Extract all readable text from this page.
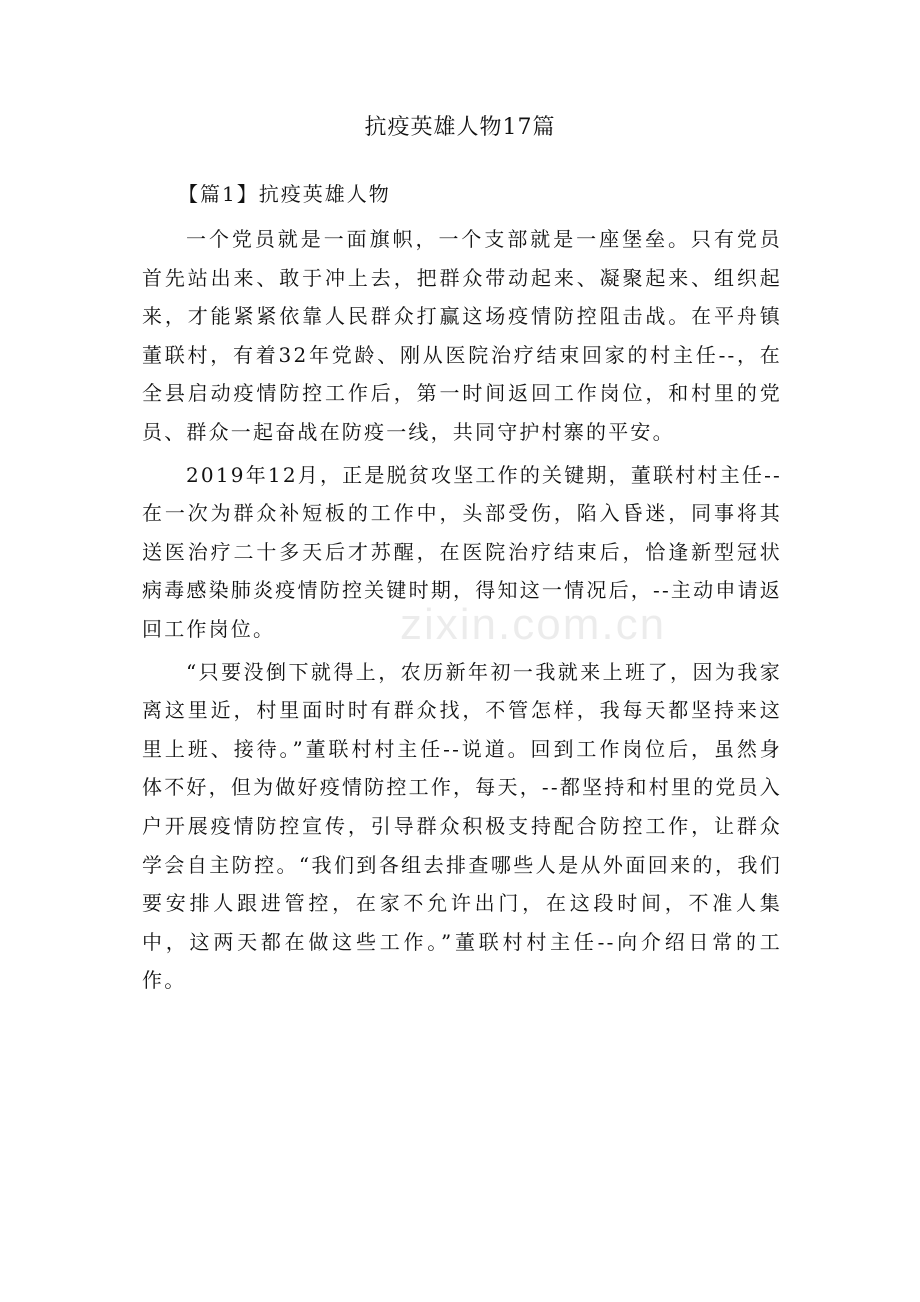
抗疫英雄人物17篇
【篇1】抗疫英雄人物

一个党员就是一面旗帜，一个支部就是一座堡垒。只有党员首先站出来、敢于冲上去，把群众带动起来、凝聚起来、组织起来，才能紧紧依靠人民群众打赢这场疫情防控阻击战。在平舟镇董联村，有着32年党龄、刚从医院治疗结束回家的村主任--，在全县启动疫情防控工作后，第一时间返回工作岗位，和村里的党员、群众一起奋战在防疫一线，共同守护村寨的平安。

2019年12月，正是脱贫攻坚工作的关键期，董联村村主任--在一次为群众补短板的工作中，头部受伤，陷入昏迷，同事将其送医治疗二十多天后才苏醒，在医院治疗结束后，恰逢新型冠状病毒感染肺炎疫情防控关键时期，得知这一情况后，--主动申请返回工作岗位。

“只要没倒下就得上，农历新年初一我就来上班了，因为我家离这里近，村里面时时有群众找，不管怎样，我每天都坚持来这里上班、接待。”董联村村主任--说道。回到工作岗位后，虽然身体不好，但为做好疫情防控工作，每天，--都坚持和村里的党员入户开展疫情防控宣传，引导群众积极支持配合防控工作，让群众学会自主防控。“我们到各组去排查哪些人是从外面回来的，我们要安排人跟进管控，在家不允许出门，在这段时间，不准人集中，这两天都在做这些工作。”董联村村主任--向介绍日常的工作。

zixin.com.cn
